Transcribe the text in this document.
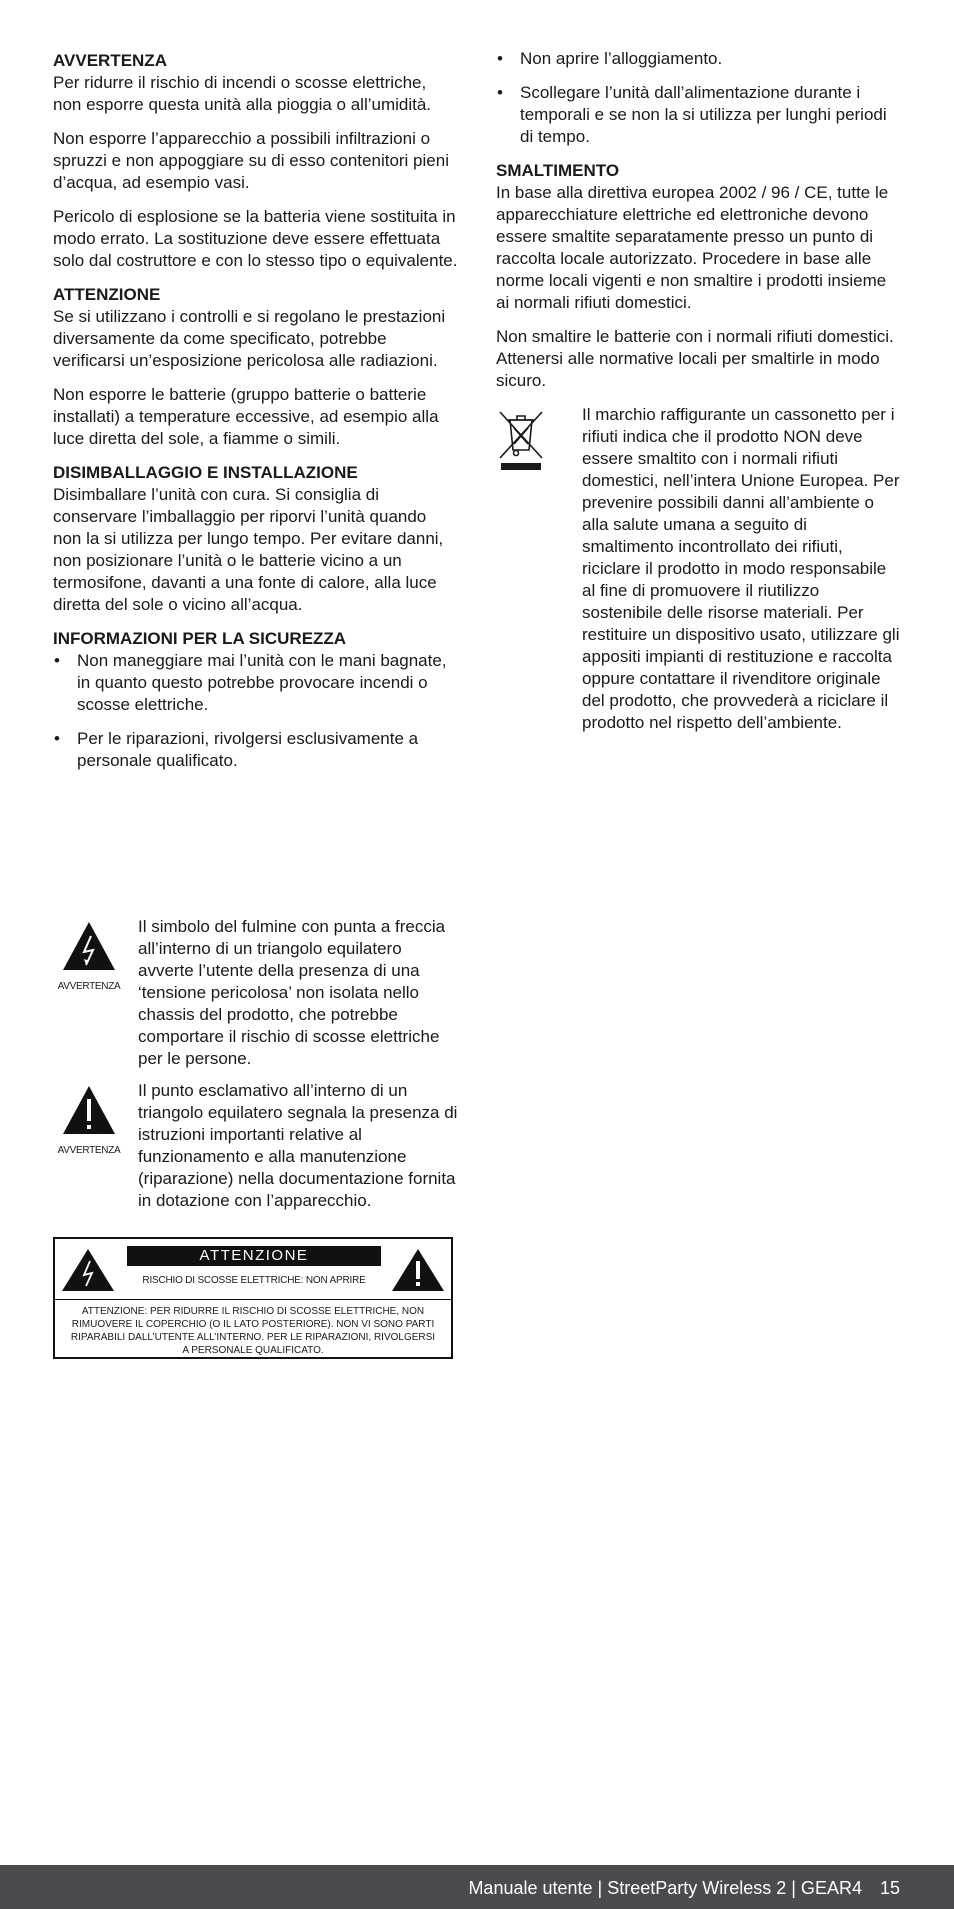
AVVERTENZA

Per ridurre il rischio di incendi o scosse elettriche, non esporre questa unità alla pioggia o all’umidità.

Non esporre l’apparecchio a possibili infiltrazioni o spruzzi e non appoggiare su di esso contenitori pieni d’acqua, ad esempio vasi.

Pericolo di esplosione se la batteria viene sostituita in modo errato. La sostituzione deve essere effettuata solo dal costruttore e con lo stesso tipo o equivalente.

ATTENZIONE

Se si utilizzano i controlli e si regolano le prestazioni diversamente da come specificato, potrebbe verificarsi un’esposizione pericolosa alle radiazioni.

Non esporre le batterie (gruppo batterie o batterie installati) a temperature eccessive, ad esempio alla luce diretta del sole, a fiamme o simili.

DISIMBALLAGGIO E INSTALLAZIONE

Disimballare l’unità con cura. Si consiglia di conservare l’imballaggio per riporvi l’unità quando non la si utilizza per lungo tempo. Per evitare danni, non posizionare l’unità o le batterie vicino a un termosifone, davanti a una fonte di calore, alla luce diretta del sole o vicino all’acqua.

INFORMAZIONI PER LA SICUREZZA
• Non maneggiare mai l’unità con le mani bagnate, in quanto questo potrebbe provocare incendi o scosse elettriche.
• Per le riparazioni, rivolgersi esclusivamente a personale qualificato.
• Non aprire l’alloggiamento.
• Scollegare l’unità dall’alimentazione durante i temporali e se non la si utilizza per lunghi periodi di tempo.
SMALTIMENTO

In base alla direttiva europea 2002 / 96 / CE, tutte le apparecchiature elettriche ed elettroniche devono essere smaltite separatamente presso un punto di raccolta locale autorizzato. Procedere in base alle norme locali vigenti e non smaltire i prodotti insieme ai normali rifiuti domestici.

Non smaltire le batterie con i normali rifiuti domestici. Attenersi alle normative locali per smaltirle in modo sicuro.

Il marchio raffigurante un cassonetto per i rifiuti indica che il prodotto NON deve essere smaltito con i normali rifiuti domestici, nell’intera Unione Europea. Per prevenire possibili danni all’ambiente o alla salute umana a seguito di smaltimento incontrollato dei rifiuti, riciclare il prodotto in modo responsabile al fine di promuovere il riutilizzo sostenibile delle risorse materiali. Per restituire un dispositivo usato, utilizzare gli appositi impianti di restituzione e raccolta oppure contattare il rivenditore originale del prodotto, che provvederà a riciclare il prodotto nel rispetto dell’ambiente.
AVVERTENZA
Il simbolo del fulmine con punta a freccia all’interno di un triangolo equilatero avverte l’utente della presenza di una ‘tensione pericolosa’ non isolata nello chassis del prodotto, che potrebbe comportare il rischio di scosse elettriche per le persone.
AVVERTENZA
Il punto esclamativo all’interno di un triangolo equilatero segnala la presenza di istruzioni importanti relative al funzionamento e alla manutenzione (riparazione) nella documentazione fornita in dotazione con l’apparecchio.
ATTENZIONE
RISCHIO DI SCOSSE ELETTRICHE: NON APRIRE
ATTENZIONE: PER RIDURRE IL RISCHIO DI SCOSSE ELETTRICHE, NON RIMUOVERE IL COPERCHIO (O IL LATO POSTERIORE). NON VI SONO PARTI RIPARABILI DALL’UTENTE ALL’INTERNO. PER LE RIPARAZIONI, RIVOLGERSI A PERSONALE QUALIFICATO.
Manuale utente | StreetParty Wireless 2 | GEAR4 15
